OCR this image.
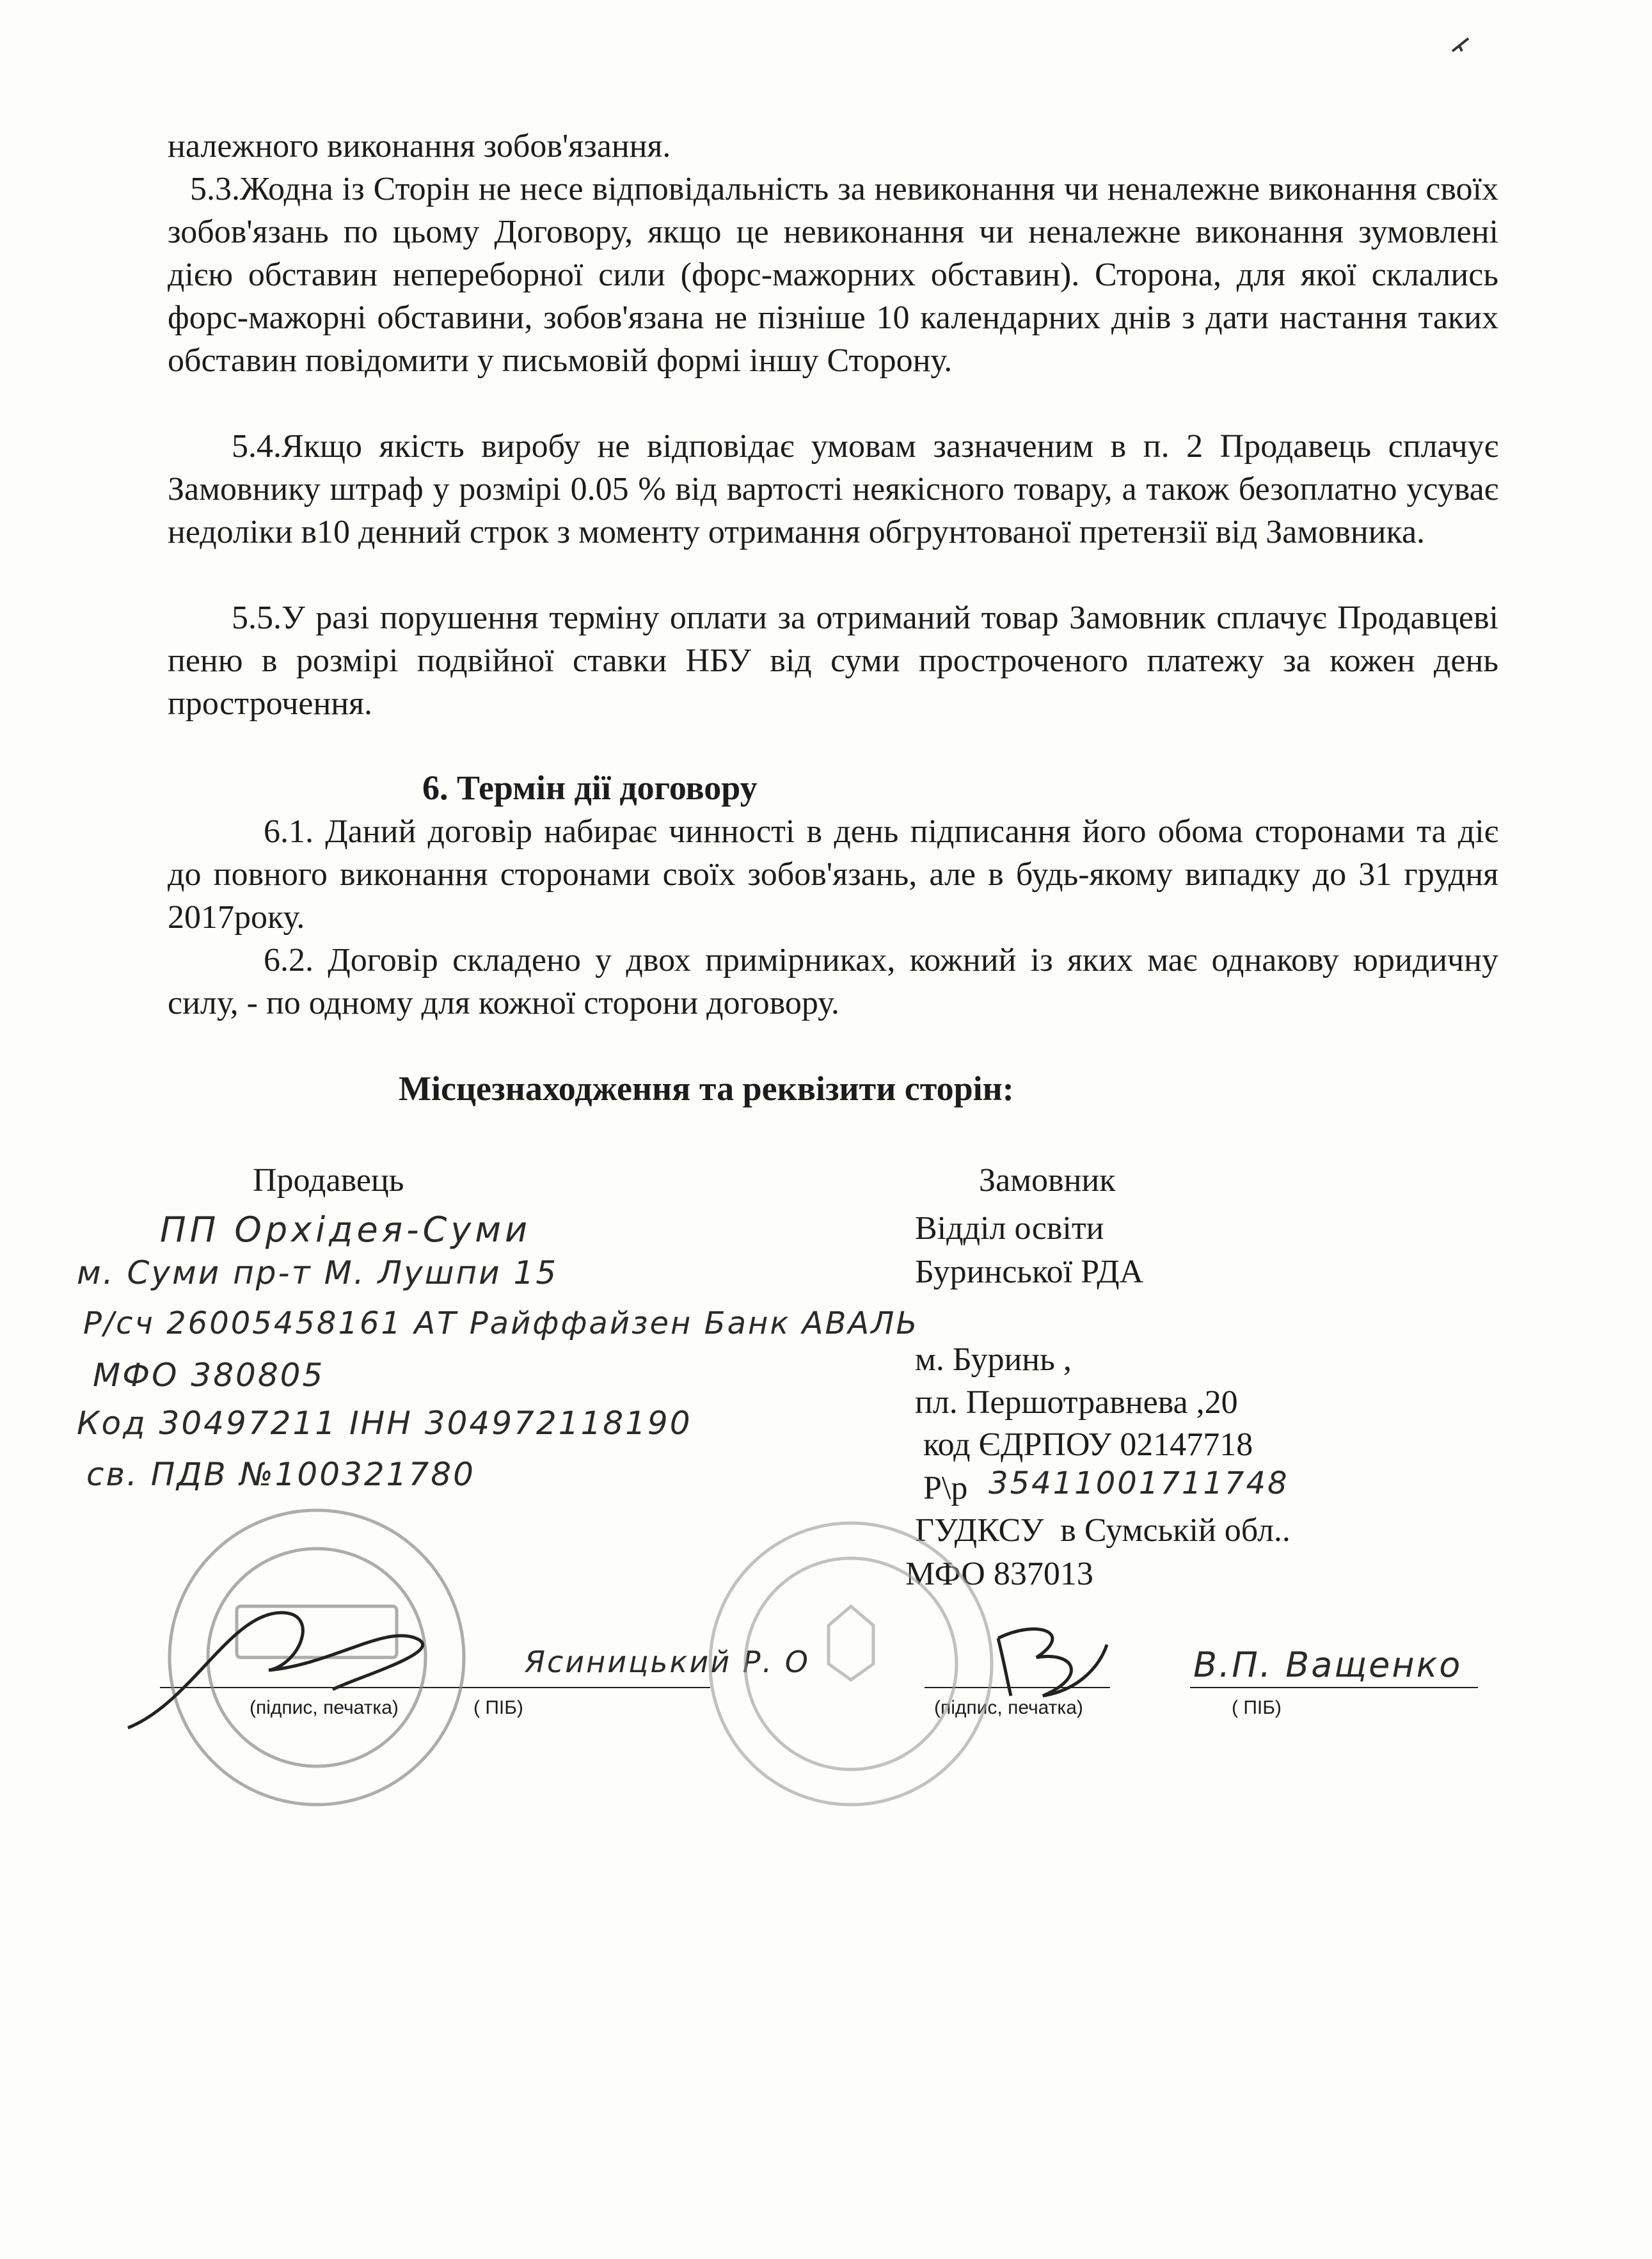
належного виконання зобов'язання.

5.3.Жодна із Сторін не несе відповідальність за невиконання чи неналежне виконання своїх зобов'язань по цьому Договору, якщо це невиконання чи неналежне виконання зумовлені дією обставин непереборної сили (форс-мажорних обставин). Сторона, для якої склались форс-мажорні обставини, зобов'язана не пізніше 10 календарних днів з дати настання таких обставин повідомити у письмовій формі іншу Сторону.

5.4.Якщо якість виробу не відповідає умовам зазначеним в п. 2 Продавець сплачує Замовнику штраф у розмірі 0.05 % від вартості неякісного товару, а також безоплатно усуває недоліки в10 денний строк з моменту отримання обгрунтованої претензії від Замовника.

5.5.У разі порушення терміну оплати за отриманий товар Замовник сплачує Продавцеві пеню в розмірі подвійної ставки НБУ від суми простроченого платежу за кожен день прострочення.

6. Термін дії договору

6.1. Даний договір набирає чинності в день підписання його обома сторонами та діє до повного виконання сторонами своїх зобов'язань, але в будь-якому випадку до 31 грудня 2017року.

6.2. Договір складено у двох примірниках, кожний із яких має однакову юридичну силу, - по одному для кожної сторони договору.

Місцезнаходження та реквізити сторін:
Продавець
ПП Орхідея-Суми
м. Суми пр-т М. Лушпи 15
Р/сч 26005458161 АТ Райффайзен Банк АВАЛЬ
МФО 380805
Код 30497211 ІНН 304972118190
св. ПДВ №100321780
Ясиницький Р. О
(підпис, печатка)	( ПІБ)
Замовник
Відділ освіти
Буринської РДА
м. Буринь ,
пл. Першотравнева ,20
код ЄДРПОУ 02147718
Р\р 35411001711748
ГУДКСУ  в Сумській обл..
МФО 837013
В.П. Ващенко
(підпис, печатка)	( ПІБ)
